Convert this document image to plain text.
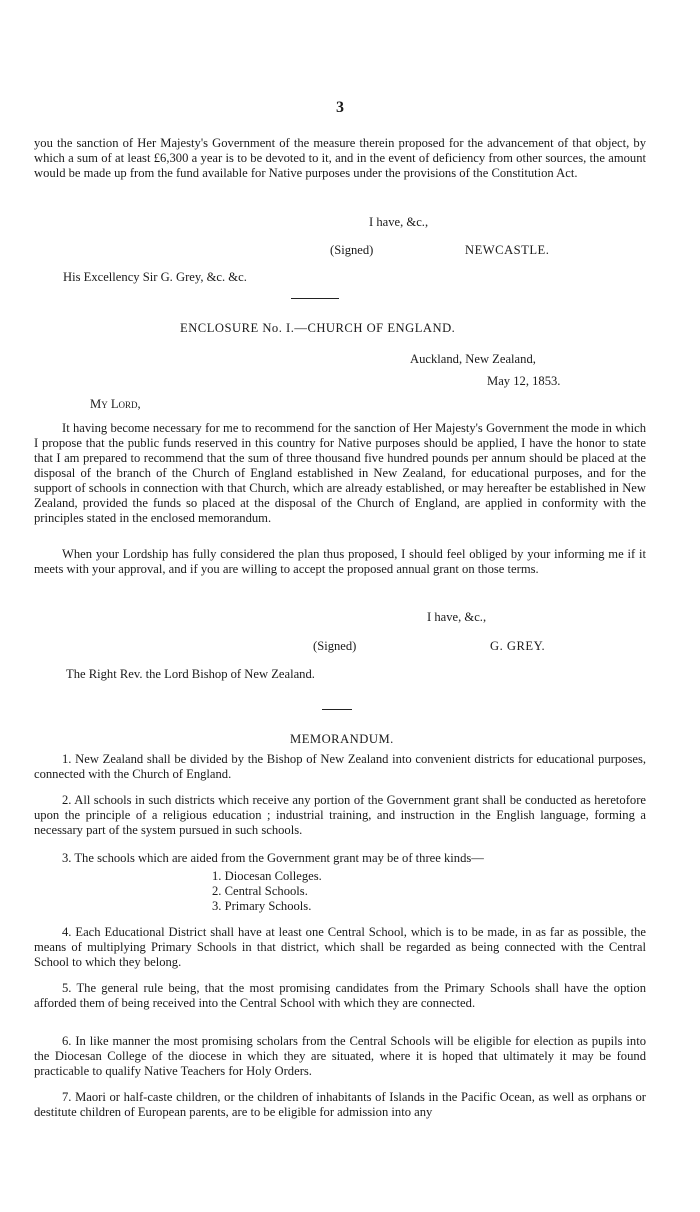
3
you the sanction of Her Majesty's Government of the measure therein proposed for the advancement of that object, by which a sum of at least £6,300 a year is to be devoted to it, and in the event of deficiency from other sources, the amount would be made up from the fund available for Native purposes under the provisions of the Constitution Act.
I have, &c.,
(Signed)	NEWCASTLE.
His Excellency Sir G. Grey, &c. &c.
ENCLOSURE No. I.—CHURCH OF ENGLAND.
Auckland, New Zealand,
May 12, 1853.
My Lord,
It having become necessary for me to recommend for the sanction of Her Majesty's Government the mode in which I propose that the public funds reserved in this country for Native purposes should be applied, I have the honor to state that I am prepared to recommend that the sum of three thousand five hundred pounds per annum should be placed at the disposal of the branch of the Church of England established in New Zealand, for educational purposes, and for the support of schools in connection with that Church, which are already established, or may hereafter be established in New Zealand, provided the funds so placed at the disposal of the Church of England, are applied in conformity with the principles stated in the enclosed memorandum.
When your Lordship has fully considered the plan thus proposed, I should feel obliged by your informing me if it meets with your approval, and if you are willing to accept the proposed annual grant on those terms.
I have, &c.,
(Signed)	G. GREY.
The Right Rev. the Lord Bishop of New Zealand.
MEMORANDUM.
1. New Zealand shall be divided by the Bishop of New Zealand into convenient districts for educational purposes, connected with the Church of England.
2. All schools in such districts which receive any portion of the Government grant shall be conducted as heretofore upon the principle of a religious education ; industrial training, and instruction in the English language, forming a necessary part of the system pursued in such schools.
3. The schools which are aided from the Government grant may be of three kinds—
1. Diocesan Colleges.
2. Central Schools.
3. Primary Schools.
4. Each Educational District shall have at least one Central School, which is to be made, in as far as possible, the means of multiplying Primary Schools in that district, which shall be regarded as being connected with the Central School to which they belong.
5. The general rule being, that the most promising candidates from the Primary Schools shall have the option afforded them of being received into the Central School with which they are connected.
6. In like manner the most promising scholars from the Central Schools will be eligible for election as pupils into the Diocesan College of the diocese in which they are situated, where it is hoped that ultimately it may be found practicable to qualify Native Teachers for Holy Orders.
7. Maori or half-caste children, or the children of inhabitants of Islands in the Pacific Ocean, as well as orphans or destitute children of European parents, are to be eligible for admission into any
